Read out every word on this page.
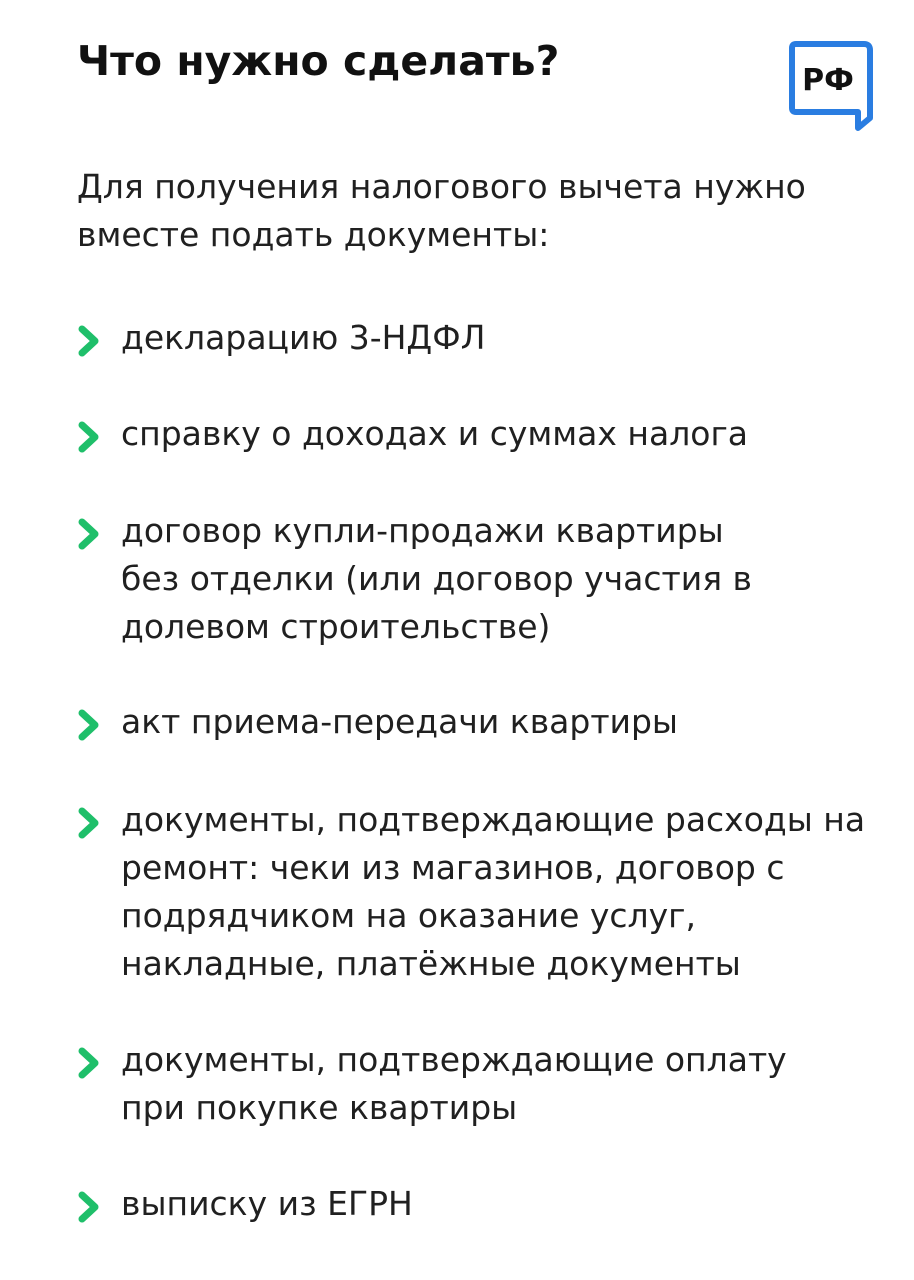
Что нужно сделать?	РФ

Для получения налогового вычета нужно вместе подать документы:

декларацию 3-НДФЛ
справку о доходах и суммах налога
договор купли-продажи квартиры без отделки (или договор участия в долевом строительстве)
акт приема-передачи квартиры
документы, подтверждающие расходы на ремонт: чеки из магазинов, договор с подрядчиком на оказание услуг, накладные, платёжные документы
документы, подтверждающие оплату при покупке квартиры
выписку из ЕГРН
